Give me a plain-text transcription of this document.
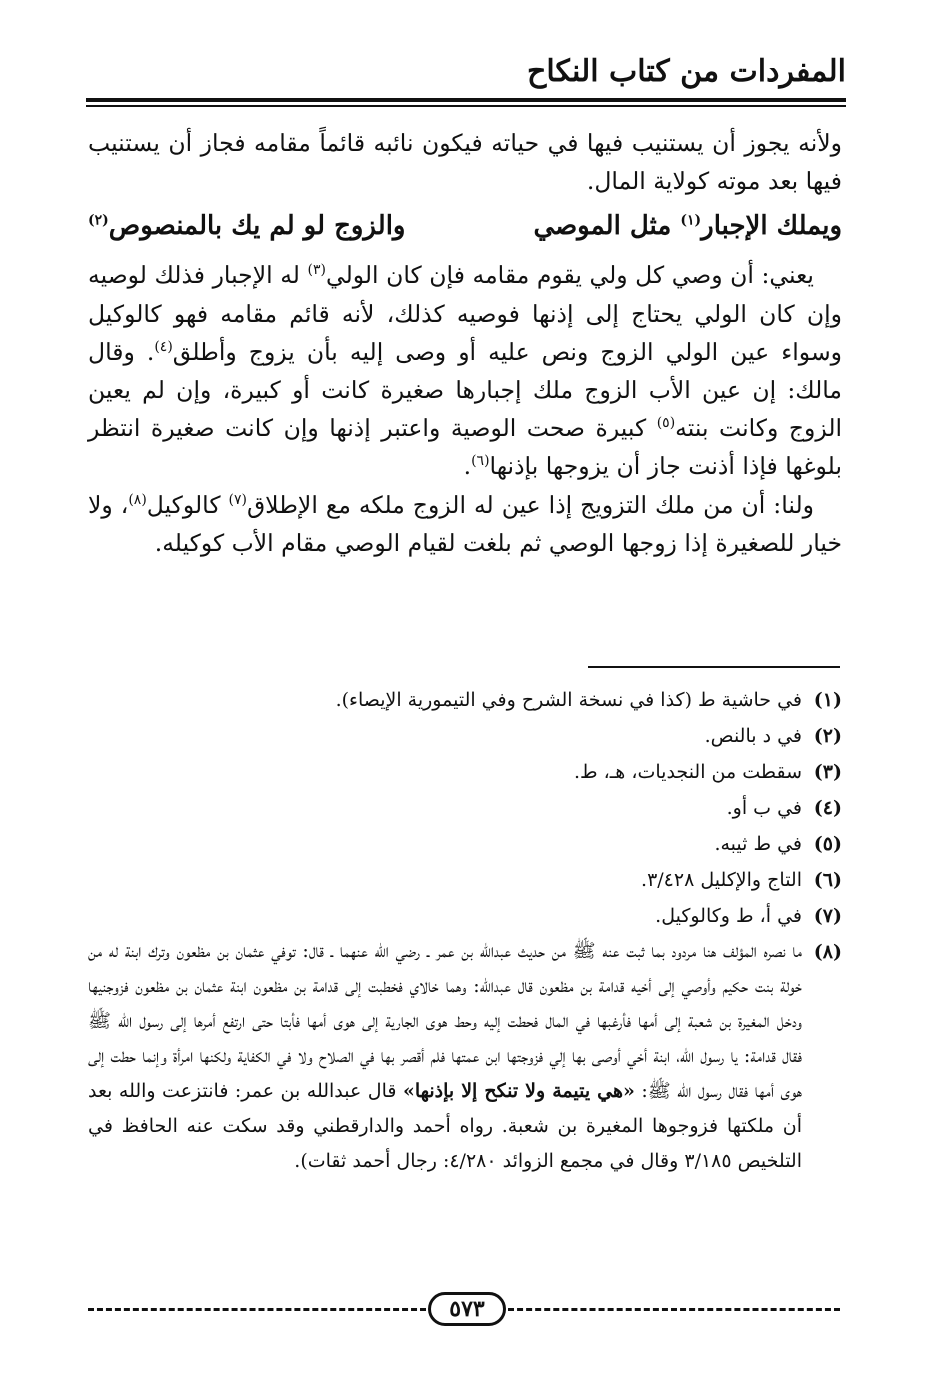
المفردات من كتاب النكاح

ولأنه يجوز أن يستنيب فيها في حياته فيكون نائبه قائماً مقامه فجاز أن يستنيب فيها بعد موته كولاية المال.

ويملك الإجبار$^{(١)}$ مثل الموصي
والزوج لو لم يك بالمنصوص$^{(٢)}$

يعني: أن وصي كل ولي يقوم مقامه فإن كان الولي$^{(٣)}$ له الإجبار فذلك لوصيه وإن كان الولي يحتاج إلى إذنها فوصيه كذلك، لأنه قائم مقامه فهو كالوكيل وسواء عين الولي الزوج ونص عليه أو وصى إليه بأن يزوج وأطلق$^{(٤)}$. وقال مالك: إن عين الأب الزوج ملك إجبارها صغيرة كانت أو كبيرة، وإن لم يعين الزوج وكانت بنته$^{(٥)}$ كبيرة صحت الوصية واعتبر إذنها وإن كانت صغيرة انتظر بلوغها فإذا أذنت جاز أن يزوجها بإذنها$^{(٦)}$.

ولنا: أن من ملك التزويج إذا عين له الزوج ملكه مع الإطلاق$^{(٧)}$ كالوكيل$^{(٨)}$، ولا خيار للصغيرة إذا زوجها الوصي ثم بلغت لقيام الوصي مقام الأب كوكيله.

(١)
في حاشية ط (كذا في نسخة الشرح وفي التيمورية الإيصاء).
(٢)
في د بالنص.
(٣)
سقطت من النجديات، هـ، ط.
(٤)
في ب أو.
(٥)
في ط ثيبه.
(٦)
التاج والإكليل ٣/٤٢٨.
(٧)
في أ، ط وكالوكيل.
(٨)
ما نصره المؤلف هنا مردود بما ثبت عنه ﷺ من حديث عبدالله بن عمر ـ رضي الله عنهما ـ قال: توفي عثمان بن مظعون وترك ابنة له من خولة بنت حكيم وأوصي إلى أخيه قدامة بن مظعون قال عبدالله: وهما خالاي فخطبت إلى قدامة بن مظعون ابنة عثمان بن مظعون فزوجنيها ودخل المغيرة بن شعبة إلى أمها فأرغبها في المال فحطت إليه وحط هوى الجارية إلى هوى أمها فأبتا حتى ارتفع أمرها إلى رسول الله ﷺ فقال قدامة: يا رسول الله، ابنة أخي أوصى بها إلي فزوجتها ابن عمتها فلم أقصر بها في الصلاح ولا في الكفاية ولكنها امرأة وإنما حطت إلى هوى أمها فقال رسول الله ﷺ: «هي يتيمة ولا تنكح إلا بإذنها» قال عبدالله بن عمر: فانتزعت والله بعد أن ملكتها فزوجوها المغيرة بن شعبة. رواه أحمد والدارقطني وقد سكت عنه الحافظ في التلخيص ٣/١٨٥ وقال في مجمع الزوائد ٤/٢٨٠: رجال أحمد ثقات).
٥٧٣
